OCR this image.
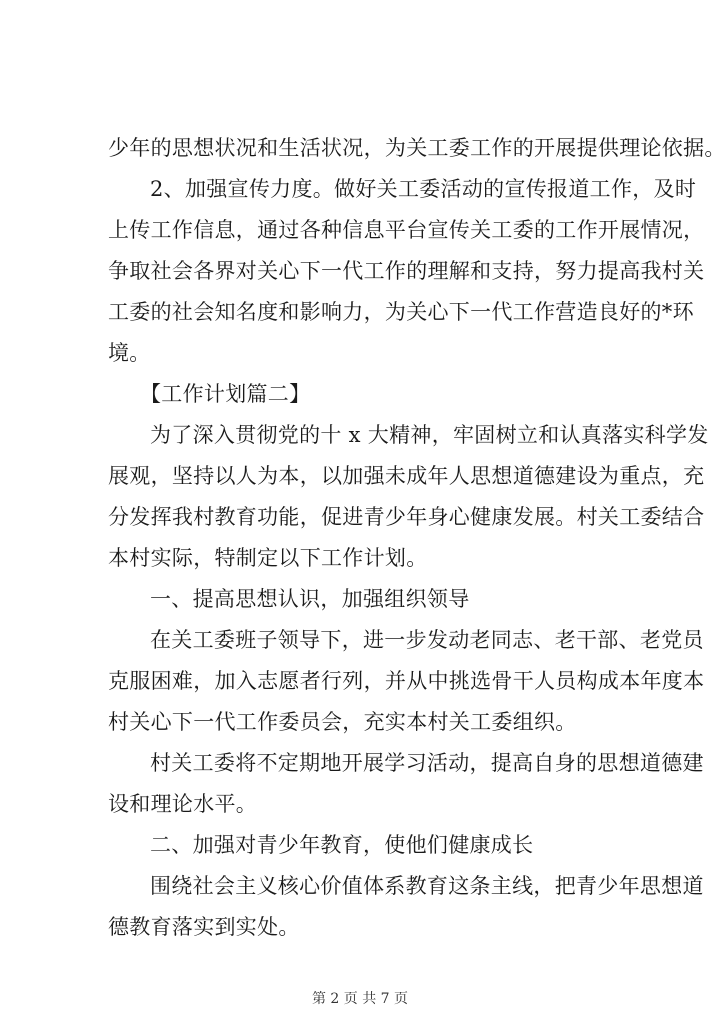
少年的思想状况和生活状况，为关工委工作的开展提供理论依据。
2、加强宣传力度。做好关工委活动的宣传报道工作，及时
上传工作信息，通过各种信息平台宣传关工委的工作开展情况，
争取社会各界对关心下一代工作的理解和支持，努力提高我村关
工委的社会知名度和影响力，为关心下一代工作营造良好的*环
境。
【工作计划篇二】
为了深入贯彻党的十 x 大精神，牢固树立和认真落实科学发
展观，坚持以人为本，以加强未成年人思想道德建设为重点，充
分发挥我村教育功能，促进青少年身心健康发展。村关工委结合
本村实际，特制定以下工作计划。
一、提高思想认识，加强组织领导
在关工委班子领导下，进一步发动老同志、老干部、老党员
克服困难，加入志愿者行列，并从中挑选骨干人员构成本年度本
村关心下一代工作委员会，充实本村关工委组织。
村关工委将不定期地开展学习活动，提高自身的思想道德建
设和理论水平。
二、加强对青少年教育，使他们健康成长
围绕社会主义核心价值体系教育这条主线，把青少年思想道
德教育落实到实处。
第 2 页 共 7 页
